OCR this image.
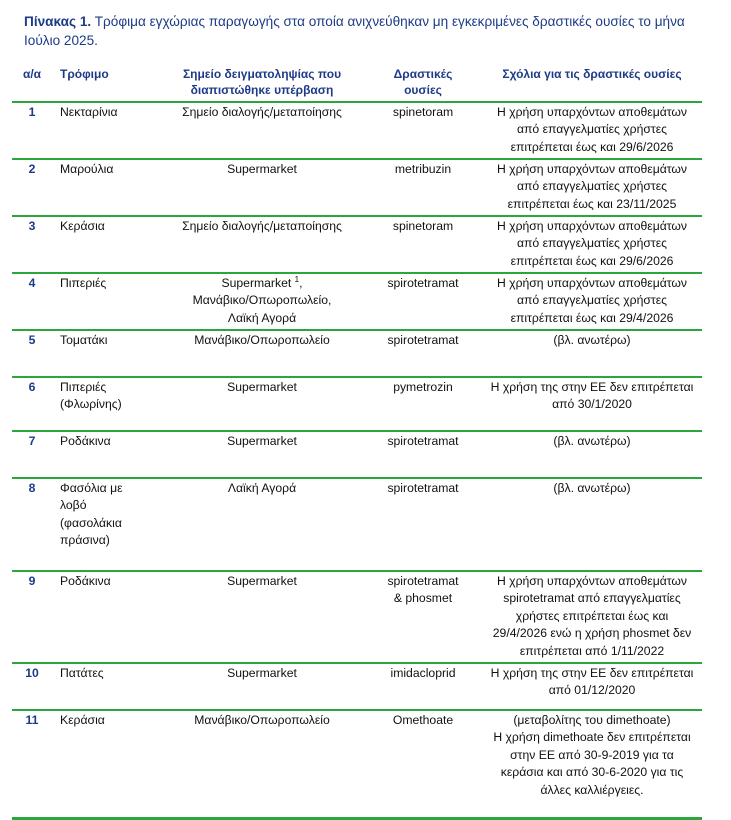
Πίνακας 1. Τρόφιμα εγχώριας παραγωγής στα οποία ανιχνεύθηκαν μη εγκεκριμένες δραστικές ουσίες το μήνα Ιούλιο 2025.
α/α	Τρόφιμο	Σημείο δειγματοληψίας που
διαπιστώθηκε υπέρβαση	Δραστικές
ουσίες	Σχόλια για τις δραστικές ουσίες
1	Νεκταρίνια	Σημείο διαλογής/μεταποίησης	spinetoram	Η χρήση υπαρχόντων αποθεμάτων
από επαγγελματίες χρήστες
επιτρέπεται έως και 29/6/2026

2	Μαρούλια	Supermarket	metribuzin	Η χρήση υπαρχόντων αποθεμάτων
από επαγγελματίες χρήστες
επιτρέπεται έως και 23/11/2025

3	Κεράσια	Σημείο διαλογής/μεταποίησης	spinetoram	Η χρήση υπαρχόντων αποθεμάτων
από επαγγελματίες χρήστες
επιτρέπεται έως και 29/6/2026

4	Πιπεριές	Supermarket $^1$,
Μανάβικο/Οπωροπωλείο,
Λαϊκή Αγορά	spirotetramat	Η χρήση υπαρχόντων αποθεμάτων
από επαγγελματίες χρήστες
επιτρέπεται έως και 29/4/2026

5	Τοματάκι	Μανάβικο/Οπωροπωλείο	spirotetramat	(βλ. ανωτέρω)

6	Πιπεριές
(Φλωρίνης)	Supermarket	pymetrozin	Η χρήση της στην ΕΕ δεν επιτρέπεται
από 30/1/2020

7	Ροδάκινα	Supermarket	spirotetramat	(βλ. ανωτέρω)

8	Φασόλια με
λοβό
(φασολάκια
πράσινα)	Λαϊκή Αγορά	spirotetramat	(βλ. ανωτέρω)

9	Ροδάκινα	Supermarket	spirotetramat
& phosmet	Η χρήση υπαρχόντων αποθεμάτων
spirotetramat από επαγγελματίες
χρήστες επιτρέπεται έως και
29/4/2026 ενώ η χρήση phosmet δεν
επιτρέπεται από 1/11/2022

10	Πατάτες	Supermarket	imidacloprid	Η χρήση της στην ΕΕ δεν επιτρέπεται
από 01/12/2020

11	Κεράσια	Μανάβικο/Οπωροπωλείο	Omethoate	(μεταβολίτης του dimethoate)
Η χρήση dimethoate δεν επιτρέπεται
στην ΕΕ από 30-9-2019 για τα
κεράσια και από 30-6-2020 για τις
άλλες καλλιέργειες.
